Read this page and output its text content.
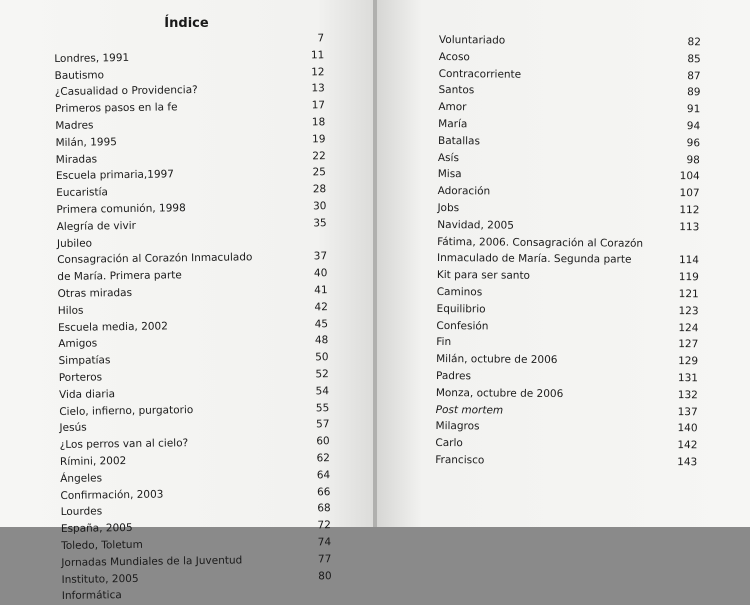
Índice
7
Londres, 1991	11
Bautismo	12
¿Casualidad o Providencia?	13
Primeros pasos en la fe	17
Madres	18
Milán, 1995	19
Miradas	22
Escuela primaria,1997	25
Eucaristía	28
Primera comunión, 1998	30
Alegría de vivir	35
Jubileo
Consagración al Corazón Inmaculado	37
de María. Primera parte	40
Otras miradas	41
Hilos	42
Escuela media, 2002	45
Amigos	48
Simpatías	50
Porteros	52
Vida diaria	54
Cielo, infierno, purgatorio	55
Jesús	57
¿Los perros van al cielo?	60
Rímini, 2002	62
Ángeles	64
Confirmación, 2003	66
Lourdes	68
España, 2005	72
Toledo, Toletum	74
Jornadas Mundiales de la Juventud	77
Instituto, 2005	80
Informática
Voluntariado	82
Acoso	85
Contracorriente	87
Santos	89
Amor	91
María	94
Batallas	96
Asís	98
Misa	104
Adoración	107
Jobs	112
Navidad, 2005	113
Fátima, 2006. Consagración al Corazón
Inmaculado de María. Segunda parte	114
Kit para ser santo	119
Caminos	121
Equilibrio	123
Confesión	124
Fin	127
Milán, octubre de 2006	129
Padres	131
Monza, octubre de 2006	132
Post mortem	137
Milagros	140
Carlo	142
Francisco	143
